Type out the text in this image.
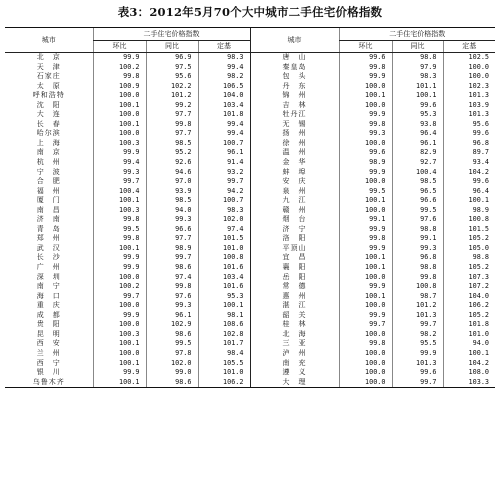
表3：2012年5月70个大中城市二手住宅价格指数
城市	二手住宅价格指数			城市	二手住宅价格指数		
	环比	同比	定基		环比	同比	定基
北　京	99.9	96.9	98.3	唐　山	99.6	98.8	102.5
天　津	100.2	97.5	99.4	秦皇岛	99.8	97.9	100.0
石家庄	99.8	95.6	98.2	包　头	99.9	98.3	100.0
太　原	100.9	102.2	106.5	丹　东	100.0	101.1	102.3
呼和浩特	100.0	101.2	104.0	锦　州	100.1	100.1	101.3
沈　阳	100.1	99.2	103.4	吉　林	100.0	99.6	103.9
大　连	100.0	97.7	101.8	牡丹江	99.9	95.3	101.3
长　春	100.1	99.8	99.4	无　锡	99.8	93.8	95.6
哈尔滨	100.0	97.7	99.4	扬　州	99.3	96.4	99.6
上　海	100.3	98.5	100.7	徐　州	100.0	96.1	96.8
南　京	99.9	95.2	96.1	温　州	99.6	82.9	89.7
杭　州	99.4	92.6	91.4	金　华	98.9	92.7	93.4
宁　波	99.3	94.6	93.2	蚌　埠	99.9	100.4	104.2
合　肥	99.7	97.0	99.7	安　庆	100.0	98.5	99.6
福　州	100.4	93.9	94.2	泉　州	99.5	96.5	96.4
厦　门	100.1	98.5	100.7	九　江	100.1	96.6	100.1
南　昌	100.3	94.0	98.3	赣　州	100.0	99.5	98.9
济　南	99.8	99.3	102.0	烟　台	99.1	97.6	100.8
青　岛	99.5	96.6	97.4	济　宁	99.9	98.8	101.5
郑　州	99.8	97.7	101.5	洛　阳	99.8	99.1	105.2
武　汉	100.1	98.9	101.0	平顶山	99.9	99.3	105.0
长　沙	99.9	99.7	100.8	宜　昌	100.1	96.8	98.8
广　州	99.9	98.6	101.6	襄　阳	100.1	98.8	105.2
深　圳	100.0	97.4	103.4	岳　阳	100.0	99.8	107.3
南　宁	100.2	99.8	101.6	常　德	99.9	100.8	107.2
海　口	99.7	97.6	95.3	惠　州	100.1	98.7	104.0
重　庆	100.0	99.3	100.1	湛　江	100.0	101.2	106.2
成　都	99.9	96.1	98.1	韶　关	99.9	101.3	105.2
贵　阳	100.0	102.9	108.6	桂　林	99.7	99.7	101.8
昆　明	100.3	98.6	102.8	北　海	100.0	98.2	101.0
西　安	100.1	99.5	101.7	三　亚	99.8	95.5	94.0
兰　州	100.0	97.8	98.4	泸　州	100.0	99.9	100.1
西　宁	100.1	102.0	105.5	南　充	100.0	101.3	104.2
银　川	99.9	99.0	101.0	遵　义	100.0	99.6	108.0
乌鲁木齐	100.1	98.6	106.2	大　理	100.0	99.7	103.3
